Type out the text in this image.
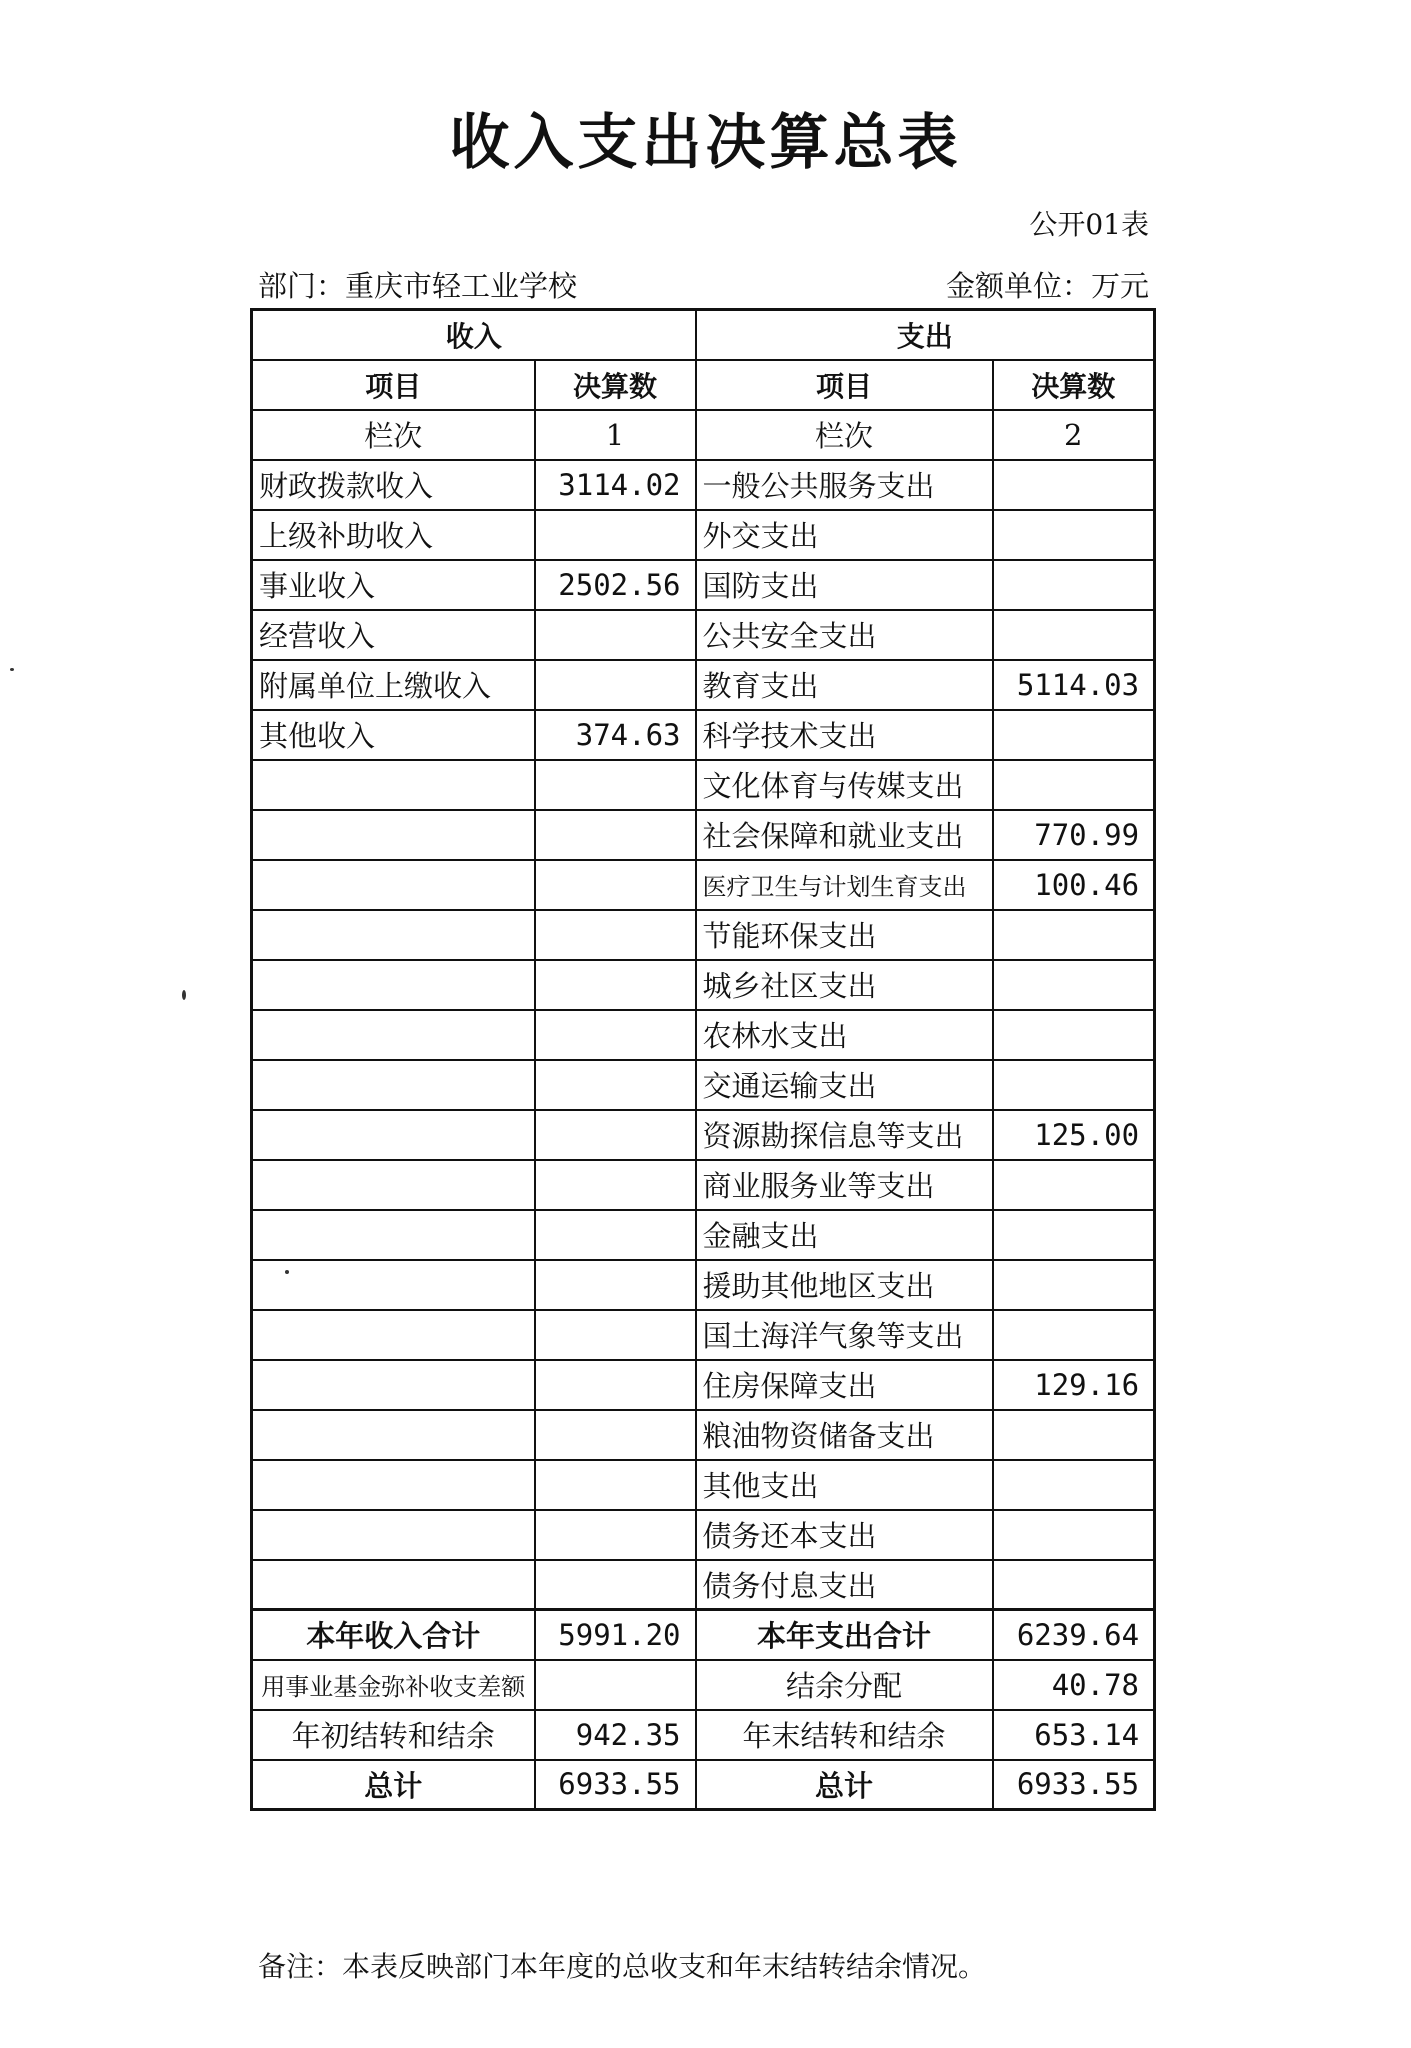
收入支出决算总表
公开01表
部门：重庆市轻工业学校	金额单位：万元
收入		支出	
项目	决算数	项目	决算数
栏次	1	栏次	2
财政拨款收入	3114.02	一般公共服务支出	
上级补助收入		外交支出	
事业收入	2502.56	国防支出	
经营收入		公共安全支出	
附属单位上缴收入		教育支出	5114.03
其他收入	374.63	科学技术支出	
		文化体育与传媒支出	
		社会保障和就业支出	770.99
		医疗卫生与计划生育支出	100.46
		节能环保支出	
		城乡社区支出	
		农林水支出	
		交通运输支出	
		资源勘探信息等支出	125.00
		商业服务业等支出	
		金融支出	
		援助其他地区支出	
		国土海洋气象等支出	
		住房保障支出	129.16
		粮油物资储备支出	
		其他支出	
		债务还本支出	
		债务付息支出	
本年收入合计	5991.20	本年支出合计	6239.64
用事业基金弥补收支差额		结余分配	40.78
年初结转和结余	942.35	年末结转和结余	653.14
总计	6933.55	总计	6933.55
备注：本表反映部门本年度的总收支和年末结转结余情况。
